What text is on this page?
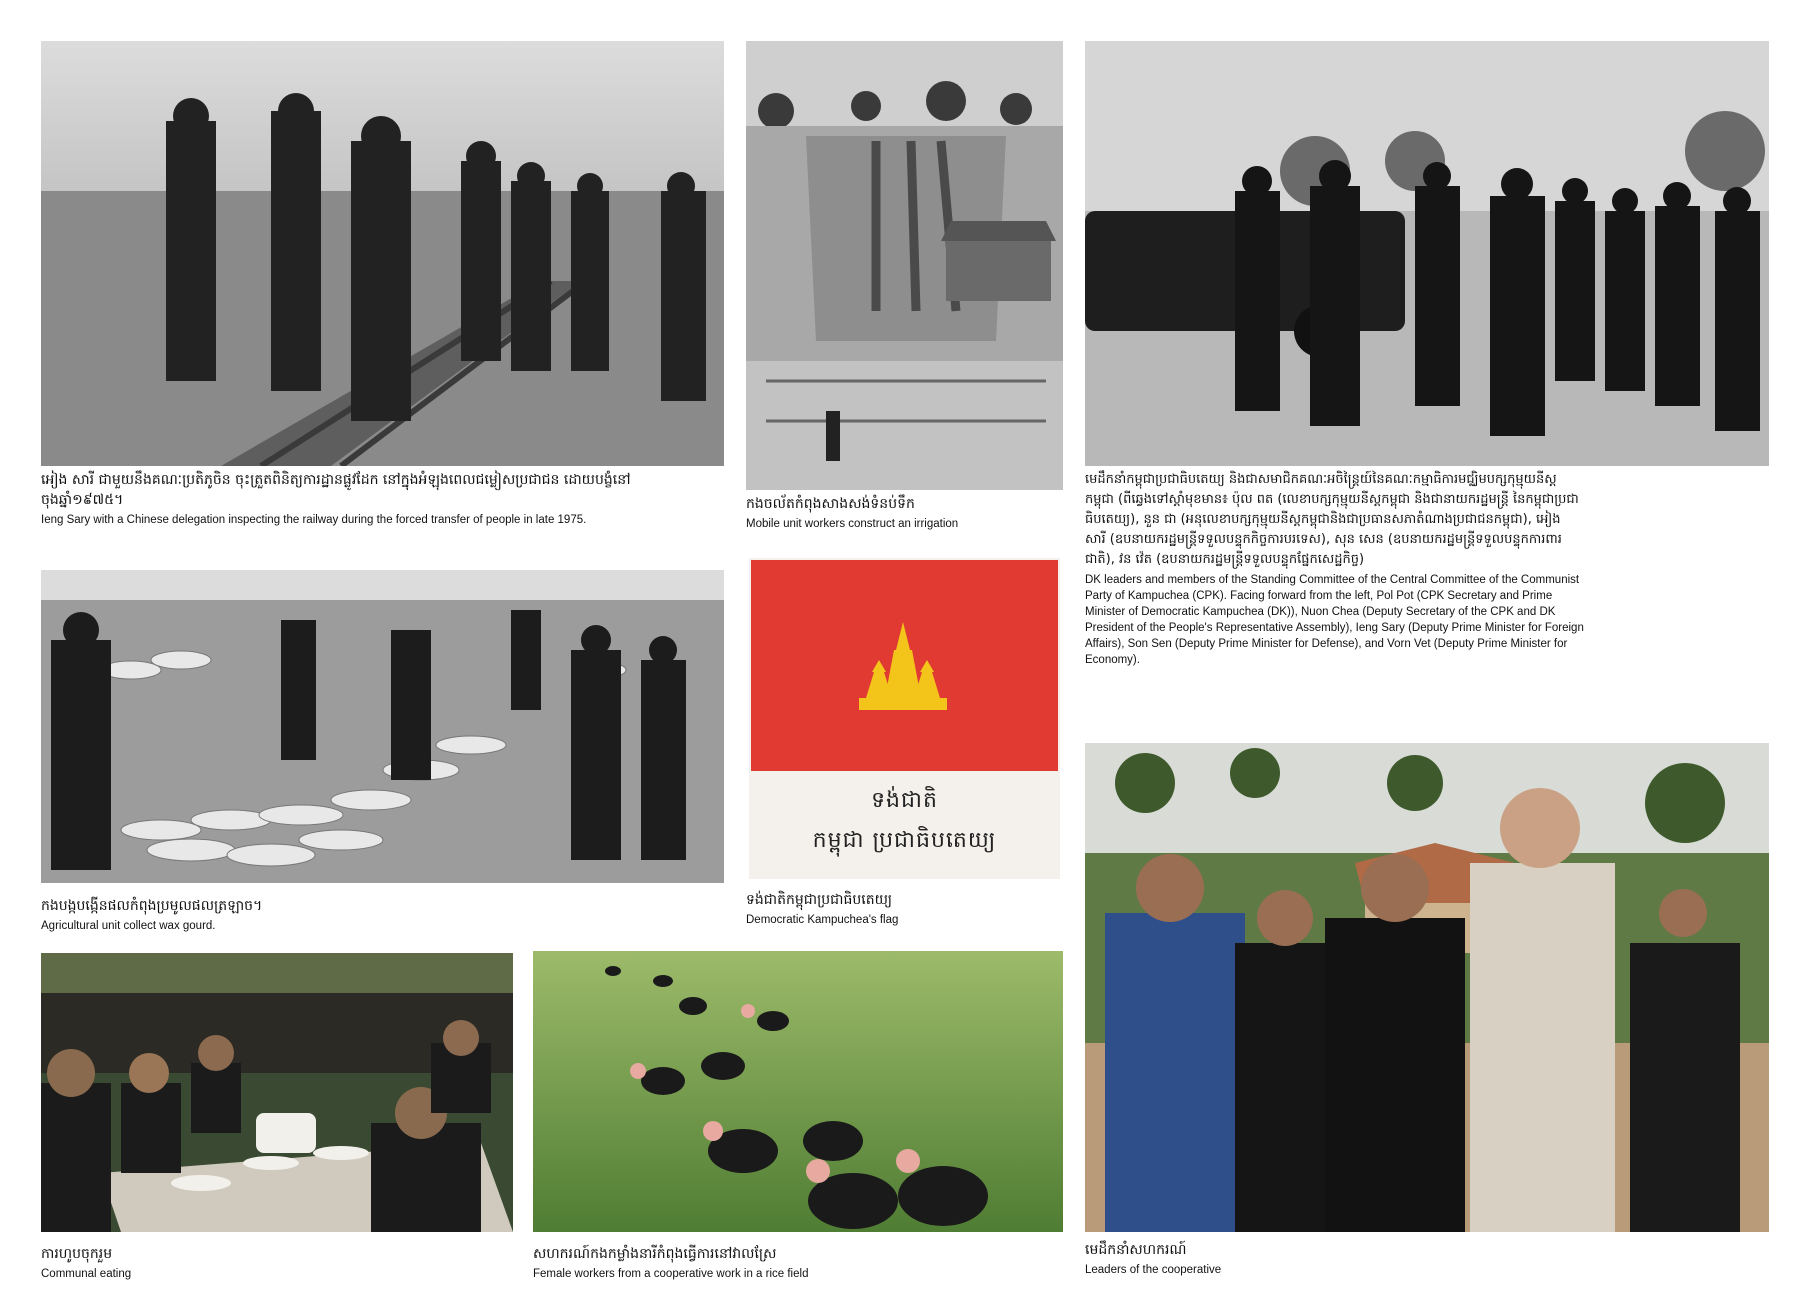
អៀង សារី ជាមួយនឹងគណៈប្រតិភូចិន ចុះត្រួតពិនិត្យការដ្ឋានផ្លូវដែក នៅក្នុងអំឡុងពេលជម្លៀសប្រជាជន ដោយបង្ខំនៅចុងឆ្នាំ១៩៧៥។
Ieng Sary with a Chinese delegation inspecting the railway during the forced transfer of people in late 1975.
កងចល័តកំពុងសាងសង់ទំនប់ទឹក
Mobile unit workers construct an irrigation
មេដឹកនាំកម្ពុជាប្រជាធិបតេយ្យ និងជាសមាជិកគណៈអចិន្ត្រៃយ៍នៃគណៈកម្មាធិការមជ្ឈិមបក្សកុម្មុយនីស្ត កម្ពុជា (ពីឆ្វេងទៅស្តាំមុខមាន៖ ប៉ុល ពត (លេខាបក្សកុម្មុយនីស្តកម្ពុជា និងជានាយករដ្ឋមន្ត្រី នៃកម្ពុជាប្រជាធិបតេយ្យ), នួន ជា (អនុលេខាបក្សកុម្មុយនីស្តកម្ពុជានិងជាប្រធានសភាតំណាងប្រជាជនកម្ពុជា), អៀង សារី (ឧបនាយករដ្ឋមន្ត្រីទទួលបន្ទុកកិច្ចការបរទេស), សុន សេន (ឧបនាយករដ្ឋមន្ត្រីទទួលបន្ទុកការពារជាតិ), វន វ៉េត (ឧបនាយករដ្ឋមន្ត្រីទទួលបន្ទុកផ្នែកសេដ្ឋកិច្ច)
DK leaders and members of the Standing Committee of the Central Committee of the Communist Party of Kampuchea (CPK). Facing forward from the left, Pol Pot (CPK Secretary and Prime Minister of Democratic Kampuchea (DK)), Nuon Chea (Deputy Secretary of the CPK and DK President of the People's Representative Assembly), Ieng Sary (Deputy Prime Minister for Foreign Affairs), Son Sen (Deputy Prime Minister for Defense), and Vorn Vet (Deputy Prime Minister for Economy).
កងបង្កបង្កើនផលកំពុងប្រមូលផលត្រឡាច។
Agricultural unit collect wax gourd.
ទង់ជាតិ
កម្ពុជា ប្រជាធិបតេយ្យ
ទង់ជាតិកម្ពុជាប្រជាធិបតេយ្យ
Democratic Kampuchea's flag
ការហូបចុករួម
Communal eating
សហករណ៍កងកម្លាំងនារីកំពុងធ្វើការនៅវាលស្រែ
Female workers from a cooperative work in a rice field
មេដឹកនាំសហករណ៍
Leaders of the cooperative
